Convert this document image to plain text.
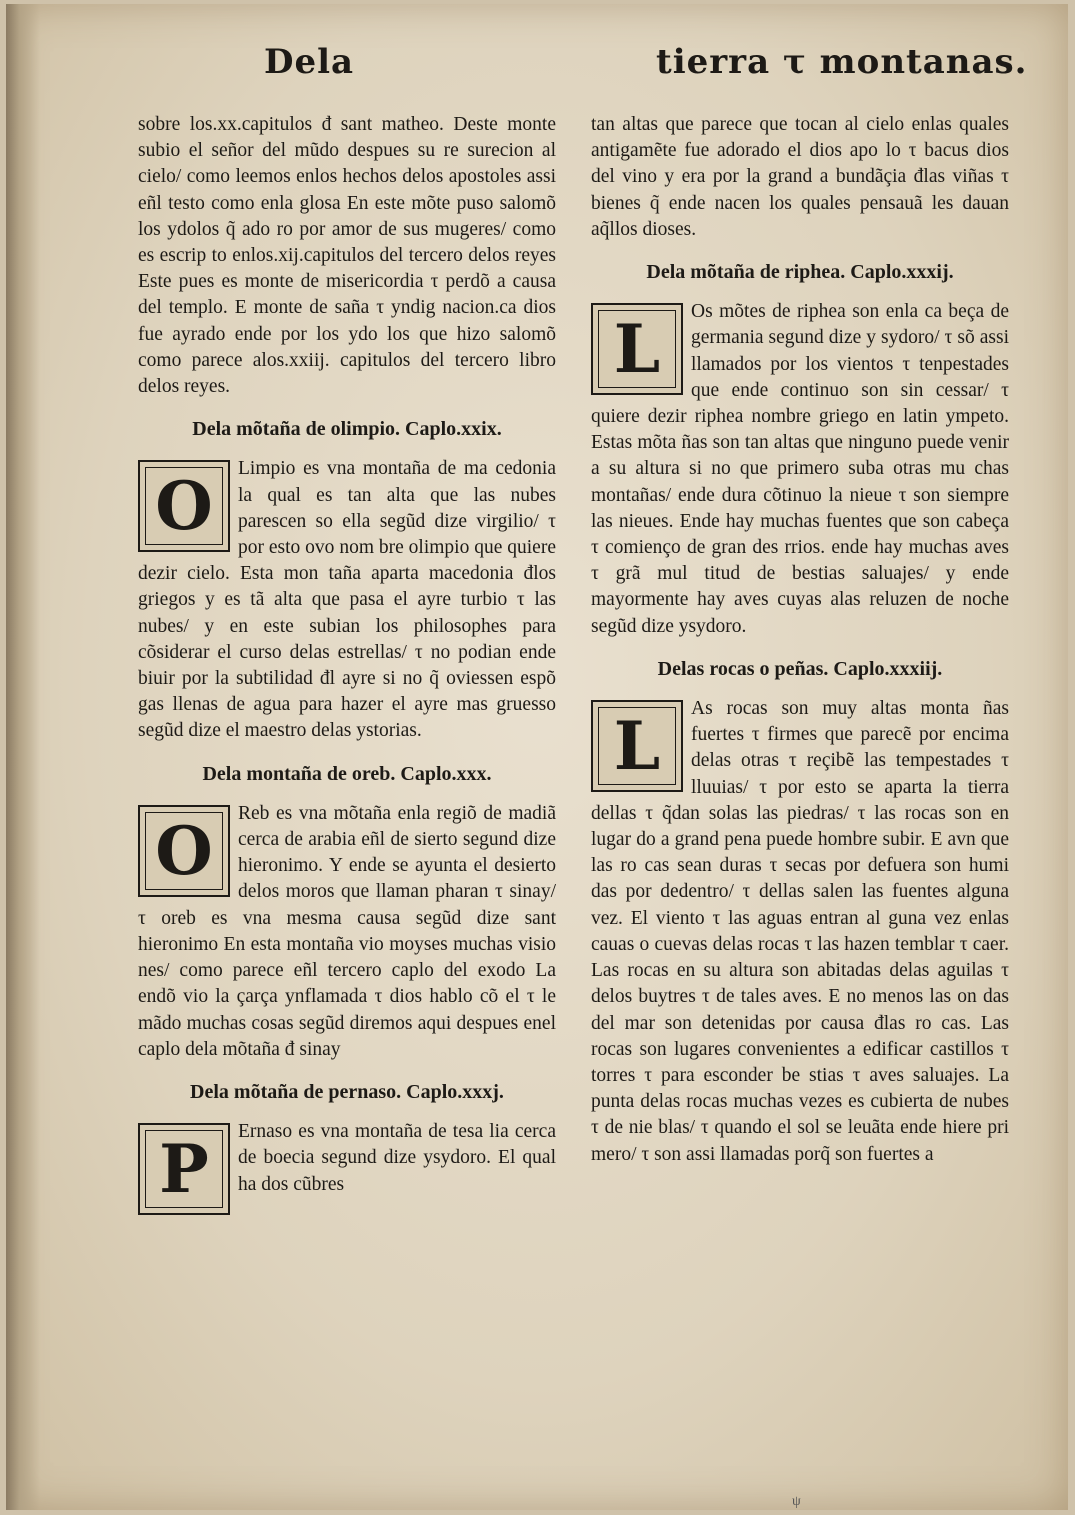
Dela	tierra τ montanas.

sobre los.xx.capitulos đ sant matheo. Deste monte subio el señor del mũdo despues su re surecion al cielo/ como leemos enlos hechos delos apostoles assi eñl testo como enla glosa En este mõte puso salomõ los ydolos q̃ ado ro por amor de sus mugeres/ como es escrip to enlos.xij.capitulos del tercero delos reyes Este pues es monte de misericordia τ perdõ a causa del templo. E monte de saña τ yndig nacion.ca dios fue ayrado ende por los ydo los que hizo salomõ como parece alos.xxiij. capitulos del tercero libro delos reyes.

Dela mõtaña de olimpio. Caplo.xxix.

O Limpio es vna montaña de ma cedonia la qual es tan alta que las nubes parescen so ella segũd dize virgilio/ τ por esto ovo nom bre olimpio que quiere dezir cielo. Esta mon taña aparta macedonia đlos griegos y es tã alta que pasa el ayre turbio τ las nubes/ y en este subian los philosophes para cõsiderar el curso delas estrellas/ τ no podian ende biuir por la subtilidad đl ayre si no q̃ oviessen espõ gas llenas de agua para hazer el ayre mas gruesso segũd dize el maestro delas ystorias.

Dela montaña de oreb. Caplo.xxx.

O Reb es vna mõtaña enla regiõ de madiã cerca de arabia eñl de sierto segund dize hieronimo. Y ende se ayunta el desierto delos moros que llaman pharan τ sinay/ τ oreb es vna mesma causa segũd dize sant hieronimo En esta montaña vio moyses muchas visio nes/ como parece eñl tercero caplo del exodo La endõ vio la çarça ynflamada τ dios hablo cõ el τ le mãdo muchas cosas segũd diremos aqui despues enel caplo dela mõtaña đ sinay

Dela mõtaña de pernaso. Caplo.xxxj.

P Ernaso es vna montaña de tesa lia cerca de boecia segund dize ysydoro. El qual ha dos cũbres

tan altas que parece que tocan al cielo enlas quales antigamẽte fue adorado el dios apo lo τ bacus dios del vino y era por la grand a bundãçia đlas viñas τ bienes q̃ ende nacen los quales pensauã les dauan aq̃llos dioses.

Dela mõtaña de riphea. Caplo.xxxij.

L Os mõtes de riphea son enla ca beça de germania segund dize y sydoro/ τ sõ assi llamados por los vientos τ tenpestades que ende continuo son sin cessar/ τ quiere dezir riphea nombre griego en latin ympeto. Estas mõta ñas son tan altas que ninguno puede venir a su altura si no que primero suba otras mu chas montañas/ ende dura cõtinuo la nieue τ son siempre las nieues. Ende hay muchas fuentes que son cabeça τ comienço de gran des rrios. ende hay muchas aves τ grã mul titud de bestias saluajes/ y ende mayormente hay aves cuyas alas reluzen de noche segũd dize ysydoro.

Delas rocas o peñas. Caplo.xxxiij.

L As rocas son muy altas monta ñas fuertes τ firmes que parecẽ por encima delas otras τ reçibẽ las tempestades τ lluuias/ τ por esto se aparta la tierra dellas τ q̃dan solas las piedras/ τ las rocas son en lugar do a grand pena puede hombre subir. E avn que las ro cas sean duras τ secas por defuera son humi das por dedentro/ τ dellas salen las fuentes alguna vez. El viento τ las aguas entran al guna vez enlas cauas o cuevas delas rocas τ las hazen temblar τ caer. Las rocas en su altura son abitadas delas aguilas τ delos buytres τ de tales aves. E no menos las on das del mar son detenidas por causa đlas ro cas. Las rocas son lugares convenientes a edificar castillos τ torres τ para esconder be stias τ aves saluajes. La punta delas rocas muchas vezes es cubierta de nubes τ de nie blas/ τ quando el sol se leuãta ende hiere pri mero/ τ son assi llamadas porq̃ son fuertes a
ψ
